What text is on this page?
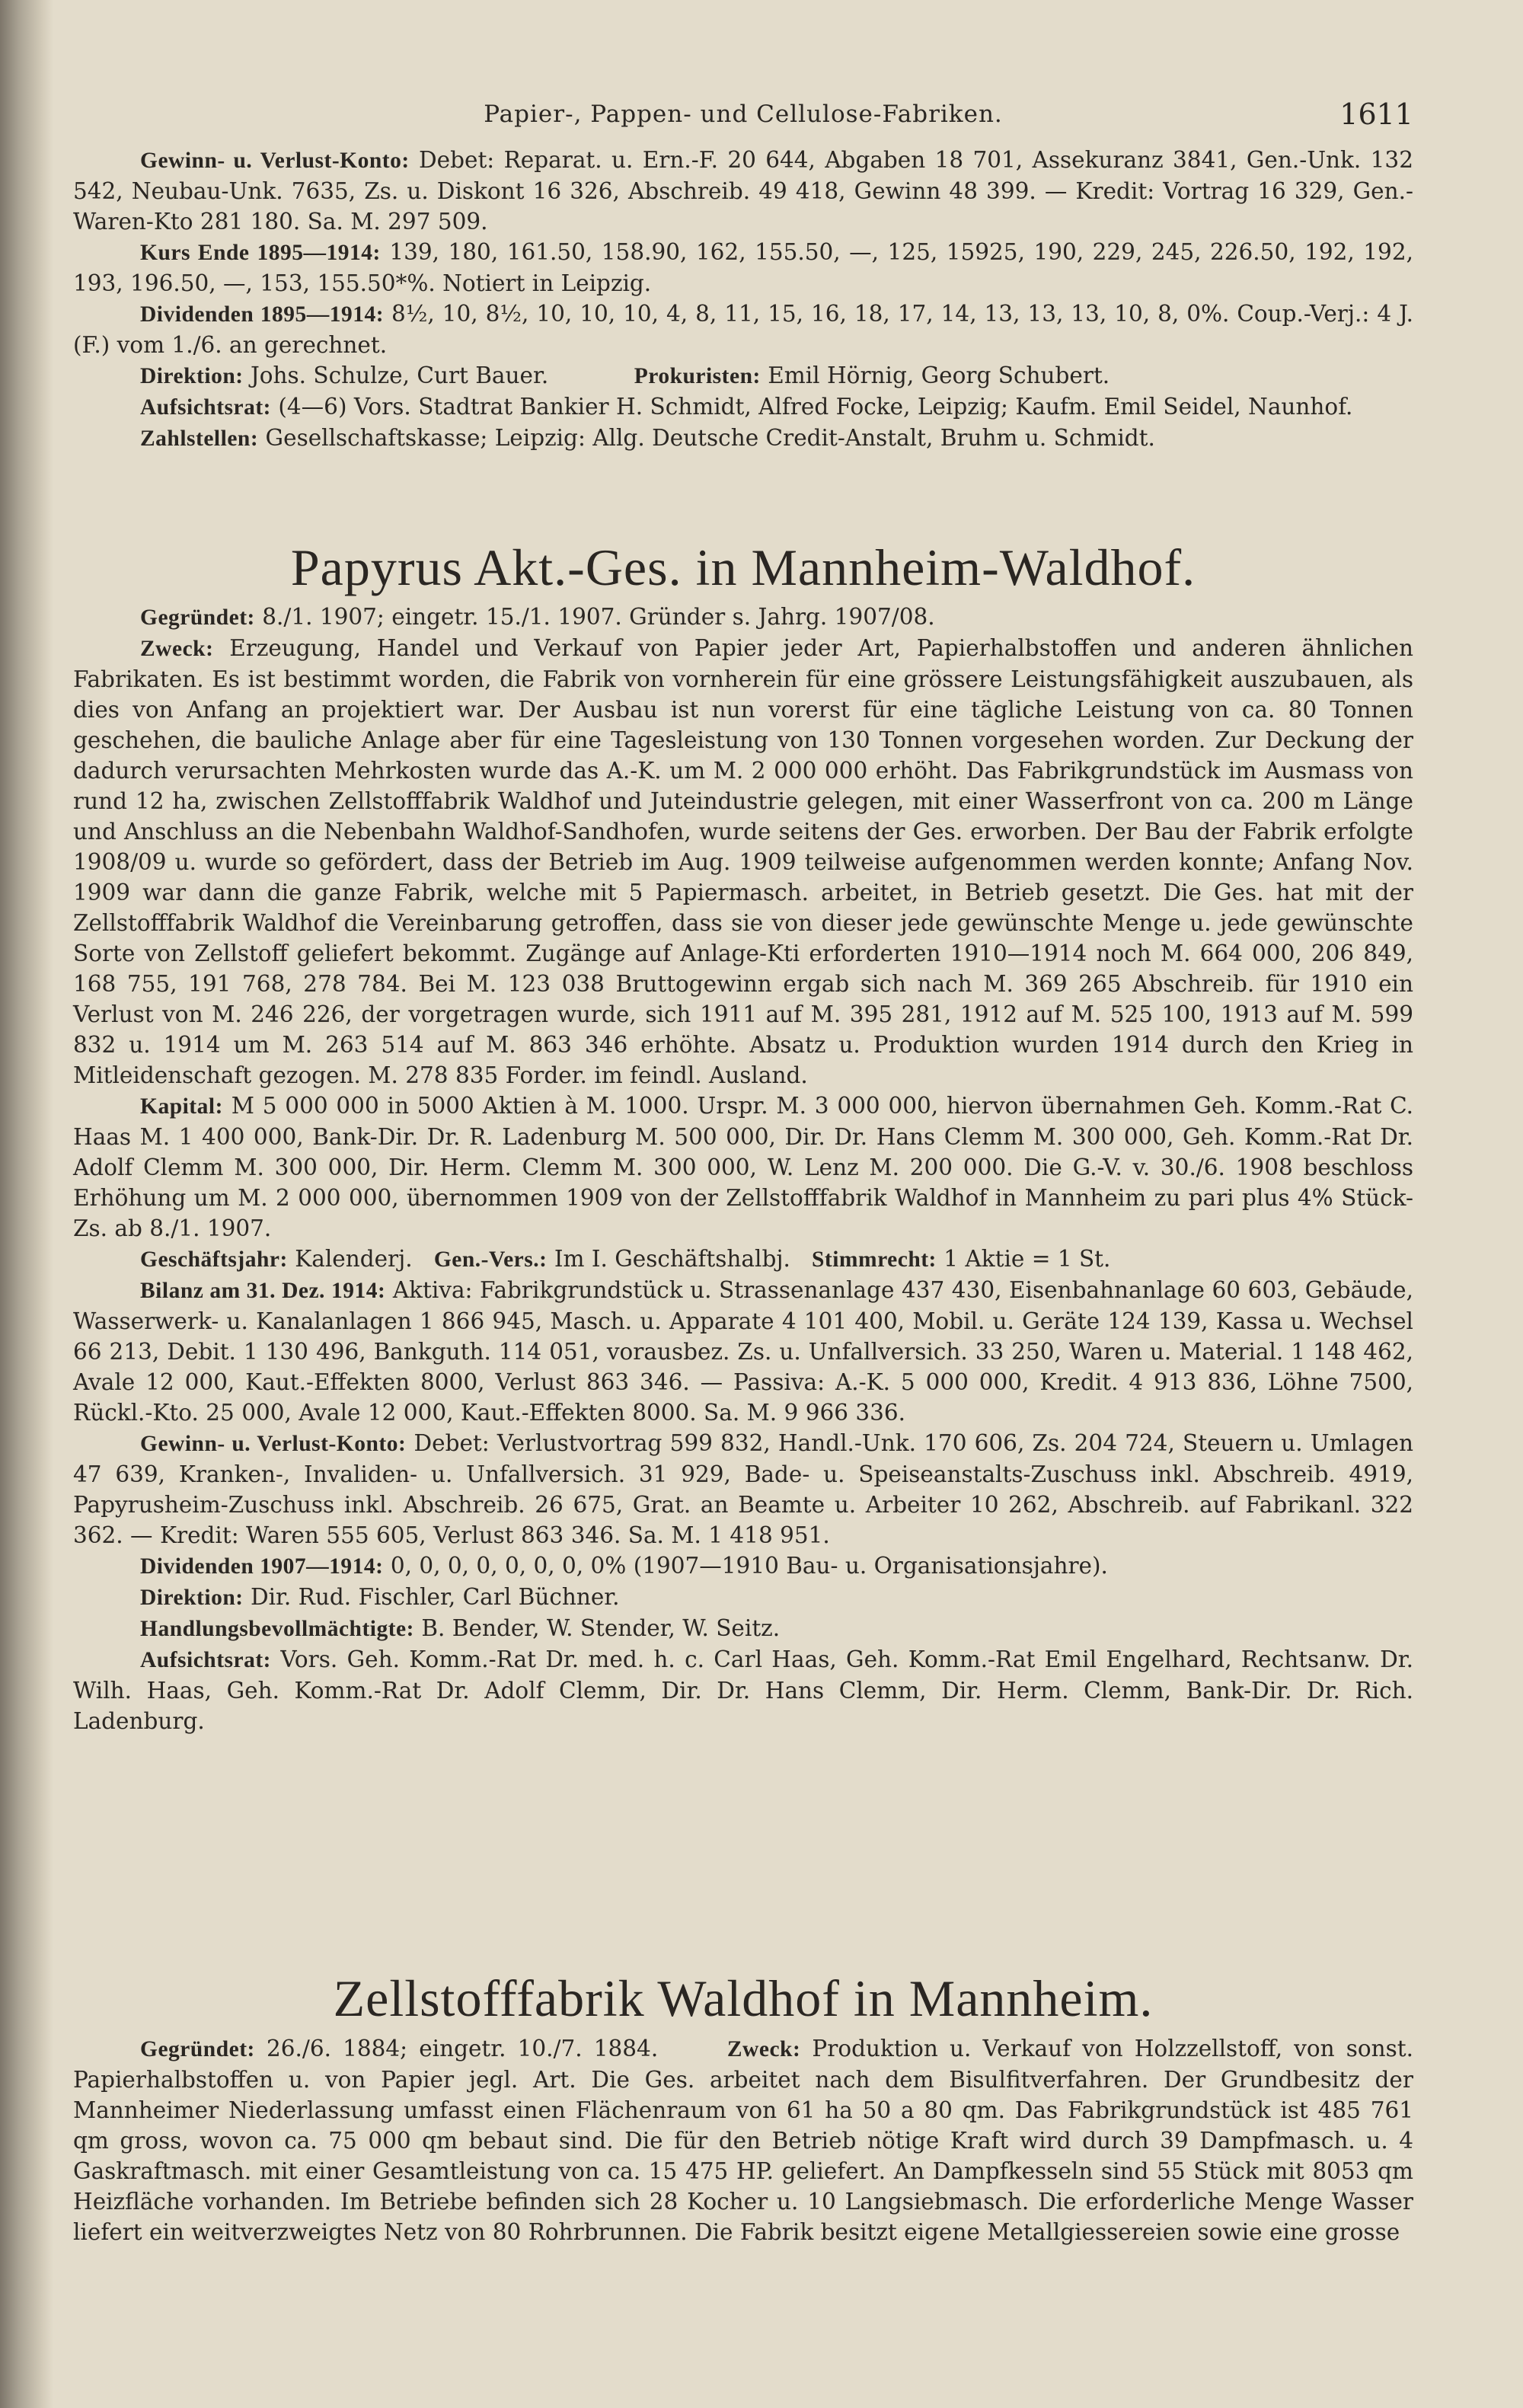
Papier-, Pappen- und Cellulose-Fabriken.	1611

Gewinn- u. Verlust-Konto: Debet: Reparat. u. Ern.-F. 20 644, Abgaben 18 701, Assekuranz 3841, Gen.-Unk. 132 542, Neubau-Unk. 7635, Zs. u. Diskont 16 326, Abschreib. 49 418, Gewinn 48 399. — Kredit: Vortrag 16 329, Gen.-Waren-Kto 281 180. Sa. M. 297 509.

Kurs Ende 1895—1914: 139, 180, 161.50, 158.90, 162, 155.50, —, 125, 15925, 190, 229, 245, 226.50, 192, 192, 193, 196.50, —, 153, 155.50*%. Notiert in Leipzig.

Dividenden 1895—1914: 8½, 10, 8½, 10, 10, 10, 4, 8, 11, 15, 16, 18, 17, 14, 13, 13, 13, 10, 8, 0%. Coup.-Verj.: 4 J. (F.) vom 1./6. an gerechnet.

Direktion: Johs. Schulze, Curt Bauer.	Prokuristen: Emil Hörnig, Georg Schubert.

Aufsichtsrat: (4—6) Vors. Stadtrat Bankier H. Schmidt, Alfred Focke, Leipzig; Kaufm. Emil Seidel, Naunhof.

Zahlstellen: Gesellschaftskasse; Leipzig: Allg. Deutsche Credit-Anstalt, Bruhm u. Schmidt.

Papyrus Akt.-Ges. in Mannheim-Waldhof.

Gegründet: 8./1. 1907; eingetr. 15./1. 1907. Gründer s. Jahrg. 1907/08.

Zweck: Erzeugung, Handel und Verkauf von Papier jeder Art, Papierhalbstoffen und anderen ähnlichen Fabrikaten. Es ist bestimmt worden, die Fabrik von vornherein für eine grössere Leistungsfähigkeit auszubauen, als dies von Anfang an projektiert war. Der Ausbau ist nun vorerst für eine tägliche Leistung von ca. 80 Tonnen geschehen, die bauliche Anlage aber für eine Tagesleistung von 130 Tonnen vorgesehen worden. Zur Deckung der dadurch verursachten Mehrkosten wurde das A.-K. um M. 2 000 000 erhöht. Das Fabrikgrundstück im Ausmass von rund 12 ha, zwischen Zellstofffabrik Waldhof und Juteindustrie gelegen, mit einer Wasserfront von ca. 200 m Länge und Anschluss an die Nebenbahn Waldhof-Sandhofen, wurde seitens der Ges. erworben. Der Bau der Fabrik erfolgte 1908/09 u. wurde so gefördert, dass der Betrieb im Aug. 1909 teilweise aufgenommen werden konnte; Anfang Nov. 1909 war dann die ganze Fabrik, welche mit 5 Papiermasch. arbeitet, in Betrieb gesetzt. Die Ges. hat mit der Zellstofffabrik Waldhof die Vereinbarung getroffen, dass sie von dieser jede gewünschte Menge u. jede gewünschte Sorte von Zellstoff geliefert bekommt. Zugänge auf Anlage-Kti erforderten 1910—1914 noch M. 664 000, 206 849, 168 755, 191 768, 278 784. Bei M. 123 038 Bruttogewinn ergab sich nach M. 369 265 Abschreib. für 1910 ein Verlust von M. 246 226, der vorgetragen wurde, sich 1911 auf M. 395 281, 1912 auf M. 525 100, 1913 auf M. 599 832 u. 1914 um M. 263 514 auf M. 863 346 erhöhte. Absatz u. Produktion wurden 1914 durch den Krieg in Mitleidenschaft gezogen. M. 278 835 Forder. im feindl. Ausland.

Kapital: M 5 000 000 in 5000 Aktien à M. 1000. Urspr. M. 3 000 000, hiervon übernahmen Geh. Komm.-Rat C. Haas M. 1 400 000, Bank-Dir. Dr. R. Ladenburg M. 500 000, Dir. Dr. Hans Clemm M. 300 000, Geh. Komm.-Rat Dr. Adolf Clemm M. 300 000, Dir. Herm. Clemm M. 300 000, W. Lenz M. 200 000. Die G.-V. v. 30./6. 1908 beschloss Erhöhung um M. 2 000 000, übernommen 1909 von der Zellstofffabrik Waldhof in Mannheim zu pari plus 4% Stück-Zs. ab 8./1. 1907.

Geschäftsjahr: Kalenderj. Gen.-Vers.: Im I. Geschäftshalbj. Stimmrecht: 1 Aktie = 1 St.

Bilanz am 31. Dez. 1914: Aktiva: Fabrikgrundstück u. Strassenanlage 437 430, Eisenbahnanlage 60 603, Gebäude, Wasserwerk- u. Kanalanlagen 1 866 945, Masch. u. Apparate 4 101 400, Mobil. u. Geräte 124 139, Kassa u. Wechsel 66 213, Debit. 1 130 496, Bankguth. 114 051, vorausbez. Zs. u. Unfallversich. 33 250, Waren u. Material. 1 148 462, Avale 12 000, Kaut.-Effekten 8000, Verlust 863 346. — Passiva: A.-K. 5 000 000, Kredit. 4 913 836, Löhne 7500, Rückl.-Kto. 25 000, Avale 12 000, Kaut.-Effekten 8000. Sa. M. 9 966 336.

Gewinn- u. Verlust-Konto: Debet: Verlustvortrag 599 832, Handl.-Unk. 170 606, Zs. 204 724, Steuern u. Umlagen 47 639, Kranken-, Invaliden- u. Unfallversich. 31 929, Bade- u. Speiseanstalts-Zuschuss inkl. Abschreib. 4919, Papyrusheim-Zuschuss inkl. Abschreib. 26 675, Grat. an Beamte u. Arbeiter 10 262, Abschreib. auf Fabrikanl. 322 362. — Kredit: Waren 555 605, Verlust 863 346. Sa. M. 1 418 951.

Dividenden 1907—1914: 0, 0, 0, 0, 0, 0, 0, 0% (1907—1910 Bau- u. Organisationsjahre).

Direktion: Dir. Rud. Fischler, Carl Büchner.

Handlungsbevollmächtigte: B. Bender, W. Stender, W. Seitz.

Aufsichtsrat: Vors. Geh. Komm.-Rat Dr. med. h. c. Carl Haas, Geh. Komm.-Rat Emil Engelhard, Rechtsanw. Dr. Wilh. Haas, Geh. Komm.-Rat Dr. Adolf Clemm, Dir. Dr. Hans Clemm, Dir. Herm. Clemm, Bank-Dir. Dr. Rich. Ladenburg.

Zellstofffabrik Waldhof in Mannheim.

Gegründet: 26./6. 1884; eingetr. 10./7. 1884.	Zweck: Produktion u. Verkauf von Holzzellstoff, von sonst. Papierhalbstoffen u. von Papier jegl. Art. Die Ges. arbeitet nach dem Bisulfitverfahren. Der Grundbesitz der Mannheimer Niederlassung umfasst einen Flächenraum von 61 ha 50 a 80 qm. Das Fabrikgrundstück ist 485 761 qm gross, wovon ca. 75 000 qm bebaut sind. Die für den Betrieb nötige Kraft wird durch 39 Dampfmasch. u. 4 Gaskraftmasch. mit einer Gesamtleistung von ca. 15 475 HP. geliefert. An Dampfkesseln sind 55 Stück mit 8053 qm Heizfläche vorhanden. Im Betriebe befinden sich 28 Kocher u. 10 Langsiebmasch. Die erforderliche Menge Wasser liefert ein weitverzweigtes Netz von 80 Rohrbrunnen. Die Fabrik besitzt eigene Metallgiessereien sowie eine grosse
